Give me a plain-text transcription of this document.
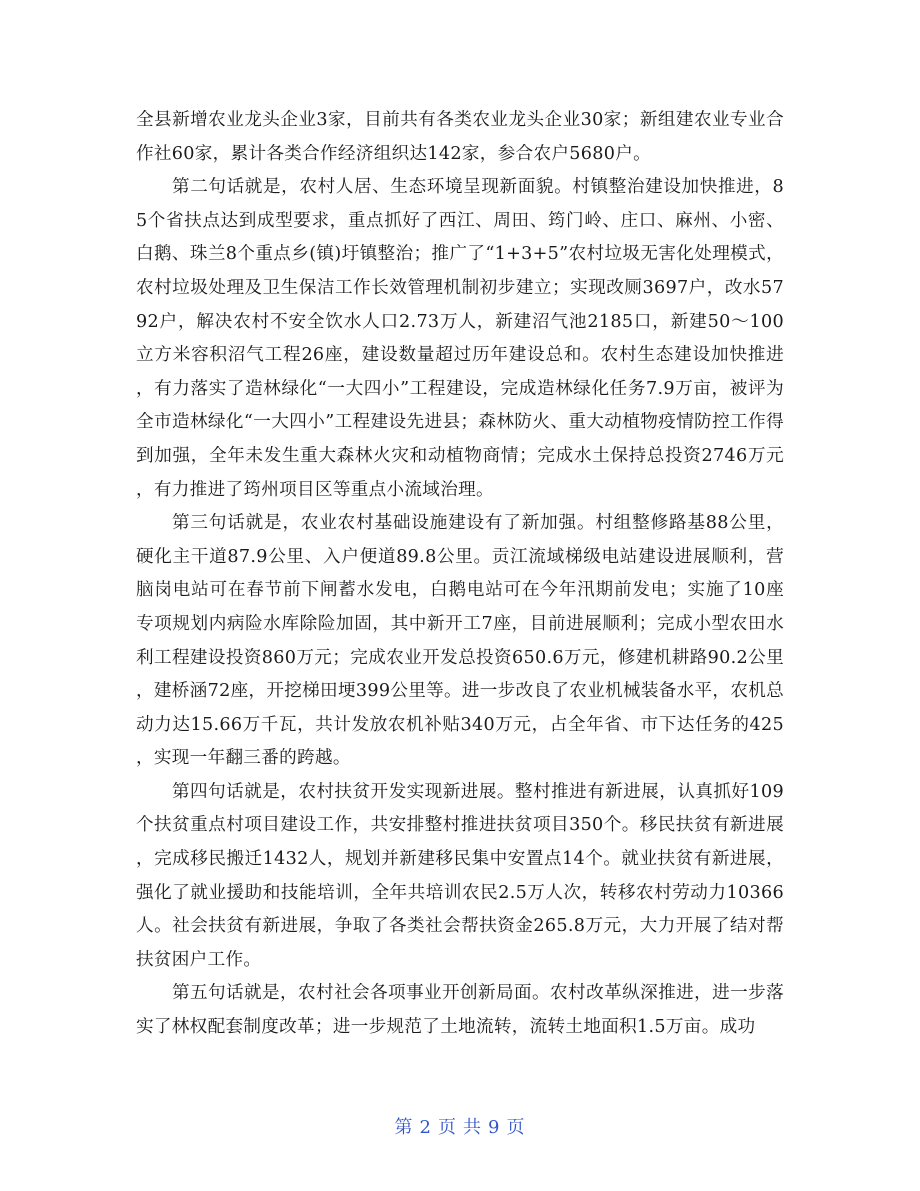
全县新增农业龙头企业3家，目前共有各类农业龙头企业30家；新组建农业专业合作社60家，累计各类合作经济组织达142家，参合农户5680户。

第二句话就是，农村人居、生态环境呈现新面貌。村镇整治建设加快推进，85个省扶点达到成型要求，重点抓好了西江、周田、筠门岭、庄口、麻州、小密、白鹅、珠兰8个重点乡(镇)圩镇整治；推广了“1+3+5”农村垃圾无害化处理模式，农村垃圾处理及卫生保洁工作长效管理机制初步建立；实现改厕3697户，改水5792户，解决农村不安全饮水人口2.73万人，新建沼气池2185口，新建50～100立方米容积沼气工程26座，建设数量超过历年建设总和。农村生态建设加快推进，有力落实了造林绿化“一大四小”工程建设，完成造林绿化任务7.9万亩，被评为全市造林绿化“一大四小”工程建设先进县；森林防火、重大动植物疫情防控工作得到加强，全年未发生重大森林火灾和动植物商情；完成水土保持总投资2746万元，有力推进了筠州项目区等重点小流域治理。

第三句话就是，农业农村基础设施建设有了新加强。村组整修路基88公里，硬化主干道87.9公里、入户便道89.8公里。贡江流域梯级电站建设进展顺利，营脑岗电站可在春节前下闸蓄水发电，白鹅电站可在今年汛期前发电；实施了10座专项规划内病险水库除险加固，其中新开工7座，目前进展顺利；完成小型农田水利工程建设投资860万元；完成农业开发总投资650.6万元，修建机耕路90.2公里，建桥涵72座，开挖梯田埂399公里等。进一步改良了农业机械装备水平，农机总动力达15.66万千瓦，共计发放农机补贴340万元，占全年省、市下达任务的425，实现一年翻三番的跨越。

第四句话就是，农村扶贫开发实现新进展。整村推进有新进展，认真抓好109个扶贫重点村项目建设工作，共安排整村推进扶贫项目350个。移民扶贫有新进展，完成移民搬迁1432人，规划并新建移民集中安置点14个。就业扶贫有新进展，强化了就业援助和技能培训，全年共培训农民2.5万人次，转移农村劳动力10366人。社会扶贫有新进展，争取了各类社会帮扶资金265.8万元，大力开展了结对帮扶贫困户工作。

第五句话就是，农村社会各项事业开创新局面。农村改革纵深推进，进一步落实了林权配套制度改革；进一步规范了土地流转，流转土地面积1.5万亩。成功

第 2 页 共 9 页
